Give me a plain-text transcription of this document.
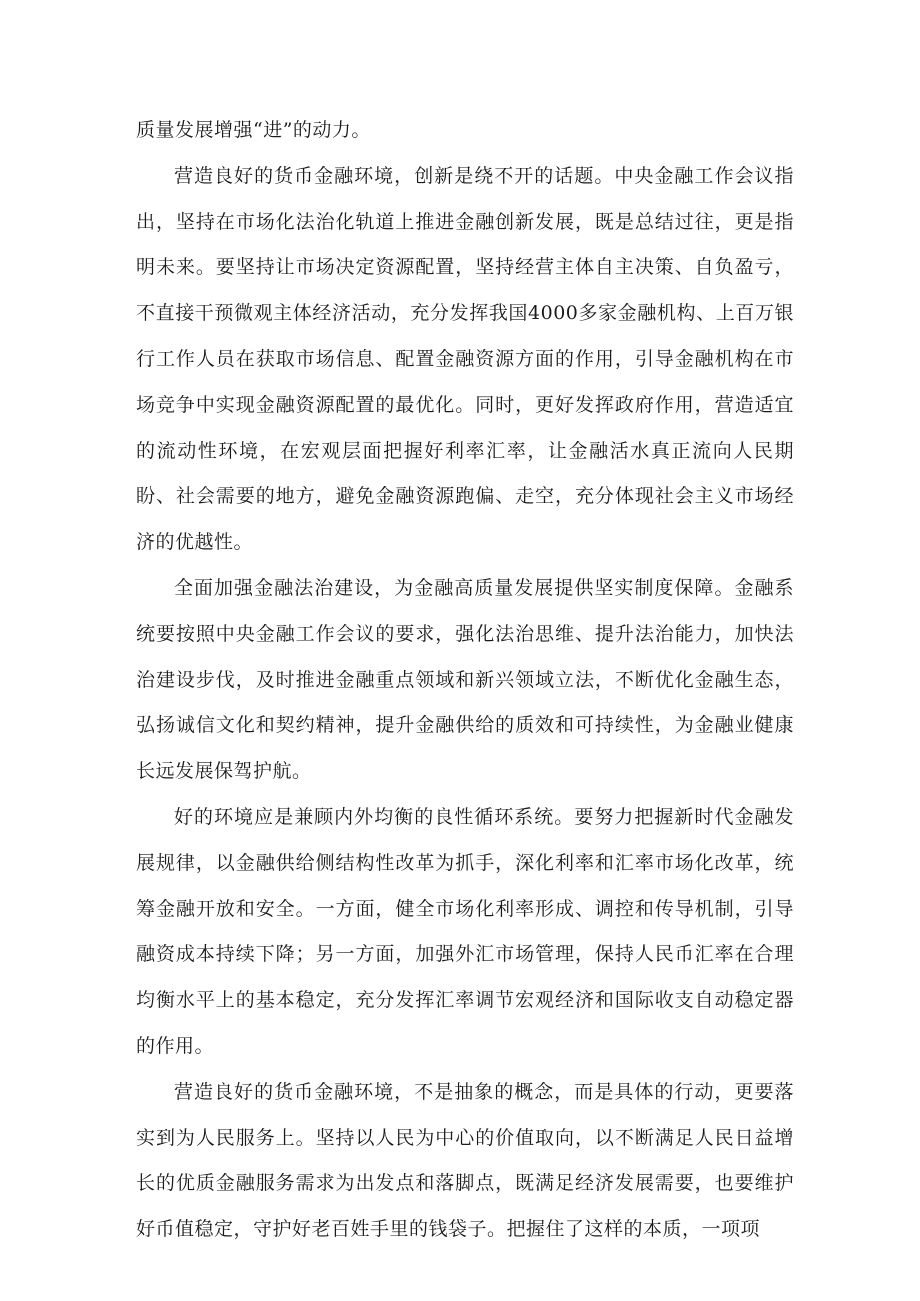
质量发展增强“进”的动力。

营造良好的货币金融环境，创新是绕不开的话题。中央金融工作会议指出，坚持在市场化法治化轨道上推进金融创新发展，既是总结过往，更是指明未来。要坚持让市场决定资源配置，坚持经营主体自主决策、自负盈亏，不直接干预微观主体经济活动，充分发挥我国4000多家金融机构、上百万银行工作人员在获取市场信息、配置金融资源方面的作用，引导金融机构在市场竞争中实现金融资源配置的最优化。同时，更好发挥政府作用，营造适宜的流动性环境，在宏观层面把握好利率汇率，让金融活水真正流向人民期盼、社会需要的地方，避免金融资源跑偏、走空，充分体现社会主义市场经济的优越性。

全面加强金融法治建设，为金融高质量发展提供坚实制度保障。金融系统要按照中央金融工作会议的要求，强化法治思维、提升法治能力，加快法治建设步伐，及时推进金融重点领域和新兴领域立法，不断优化金融生态，弘扬诚信文化和契约精神，提升金融供给的质效和可持续性，为金融业健康长远发展保驾护航。

好的环境应是兼顾内外均衡的良性循环系统。要努力把握新时代金融发展规律，以金融供给侧结构性改革为抓手，深化利率和汇率市场化改革，统筹金融开放和安全。一方面，健全市场化利率形成、调控和传导机制，引导融资成本持续下降；另一方面，加强外汇市场管理，保持人民币汇率在合理均衡水平上的基本稳定，充分发挥汇率调节宏观经济和国际收支自动稳定器的作用。

营造良好的货币金融环境，不是抽象的概念，而是具体的行动，更要落实到为人民服务上。坚持以人民为中心的价值取向，以不断满足人民日益增长的优质金融服务需求为出发点和落脚点，既满足经济发展需要，也要维护好币值稳定，守护好老百姓手里的钱袋子。把握住了这样的本质，一项项
